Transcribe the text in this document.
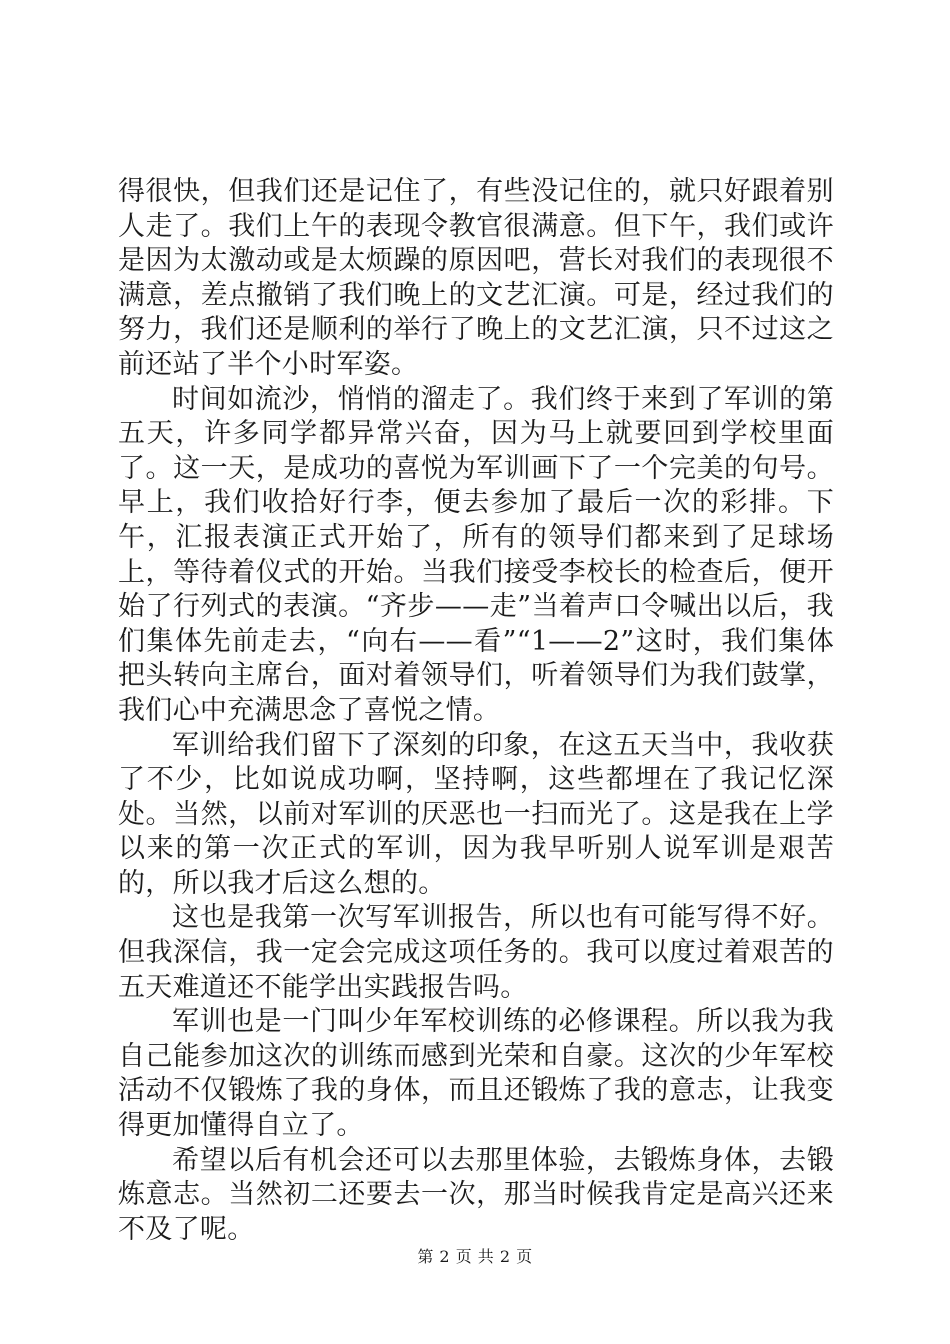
得很快，但我们还是记住了，有些没记住的，就只好跟着别人走了。我们上午的表现令教官很满意。但下午，我们或许是因为太激动或是太烦躁的原因吧，营长对我们的表现很不满意，差点撤销了我们晚上的文艺汇演。可是，经过我们的努力，我们还是顺利的举行了晚上的文艺汇演，只不过这之前还站了半个小时军姿。

时间如流沙，悄悄的溜走了。我们终于来到了军训的第五天，许多同学都异常兴奋，因为马上就要回到学校里面了。这一天，是成功的喜悦为军训画下了一个完美的句号。早上，我们收拾好行李，便去参加了最后一次的彩排。下午，汇报表演正式开始了，所有的领导们都来到了足球场上，等待着仪式的开始。当我们接受李校长的检查后，便开始了行列式的表演。“齐步——走”当着声口令喊出以后，我们集体先前走去，“向右——看”“1——2”这时，我们集体把头转向主席台，面对着领导们，听着领导们为我们鼓掌，我们心中充满思念了喜悦之情。

军训给我们留下了深刻的印象，在这五天当中，我收获了不少，比如说成功啊，坚持啊，这些都埋在了我记忆深处。当然，以前对军训的厌恶也一扫而光了。这是我在上学以来的第一次正式的军训，因为我早听别人说军训是艰苦的，所以我才后这么想的。

这也是我第一次写军训报告，所以也有可能写得不好。但我深信，我一定会完成这项任务的。我可以度过着艰苦的五天难道还不能学出实践报告吗。

军训也是一门叫少年军校训练的必修课程。所以我为我自己能参加这次的训练而感到光荣和自豪。这次的少年军校活动不仅锻炼了我的身体，而且还锻炼了我的意志，让我变得更加懂得自立了。

希望以后有机会还可以去那里体验，去锻炼身体，去锻炼意志。当然初二还要去一次，那当时候我肯定是高兴还来不及了呢。

第 2 页 共 2 页
